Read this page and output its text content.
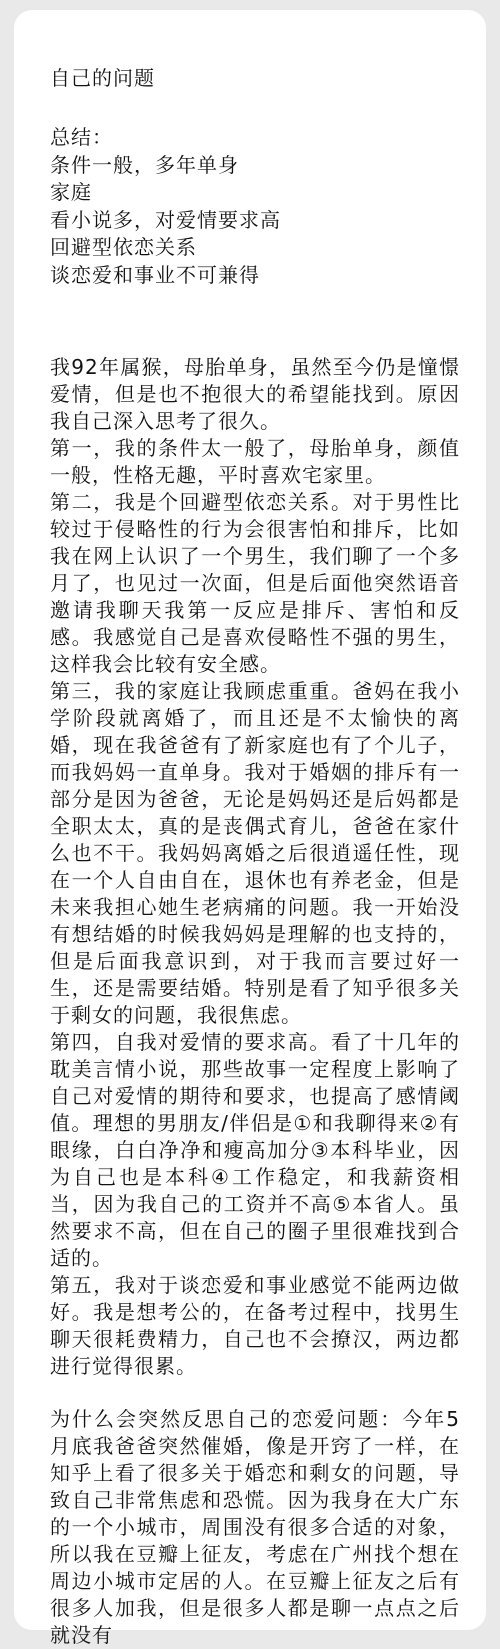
自己的问题
总结：
条件一般，多年单身
家庭
看小说多，对爱情要求高
回避型依恋关系
谈恋爱和事业不可兼得

我92年属猴，母胎单身，虽然至今仍是憧憬爱情，但是也不抱很大的希望能找到。原因我自己深入思考了很久。

第一，我的条件太一般了，母胎单身，颜值一般，性格无趣，平时喜欢宅家里。

第二，我是个回避型依恋关系。对于男性比较过于侵略性的行为会很害怕和排斥，比如我在网上认识了一个男生，我们聊了一个多月了，也见过一次面，但是后面他突然语音邀请我聊天我第一反应是排斥、害怕和反感。我感觉自己是喜欢侵略性不强的男生，这样我会比较有安全感。

第三，我的家庭让我顾虑重重。爸妈在我小学阶段就离婚了，而且还是不太愉快的离婚，现在我爸爸有了新家庭也有了个儿子，而我妈妈一直单身。我对于婚姻的排斥有一部分是因为爸爸，无论是妈妈还是后妈都是全职太太，真的是丧偶式育儿，爸爸在家什么也不干。我妈妈离婚之后很逍遥任性，现在一个人自由自在，退休也有养老金，但是未来我担心她生老病痛的问题。我一开始没有想结婚的时候我妈妈是理解的也支持的，但是后面我意识到，对于我而言要过好一生，还是需要结婚。特别是看了知乎很多关于剩女的问题，我很焦虑。

第四，自我对爱情的要求高。看了十几年的耽美言情小说，那些故事一定程度上影响了自己对爱情的期待和要求，也提高了感情阈值。理想的男朋友/伴侣是①和我聊得来②有眼缘，白白净净和瘦高加分③本科毕业，因为自己也是本科④工作稳定，和我薪资相当，因为我自己的工资并不高⑤本省人。虽然要求不高，但在自己的圈子里很难找到合适的。

第五，我对于谈恋爱和事业感觉不能两边做好。我是想考公的，在备考过程中，找男生聊天很耗费精力，自己也不会撩汉，两边都进行觉得很累。

为什么会突然反思自己的恋爱问题：今年5月底我爸爸突然催婚，像是开窍了一样，在知乎上看了很多关于婚恋和剩女的问题，导致自己非常焦虑和恐慌。因为我身在大广东的一个小城市，周围没有很多合适的对象，所以我在豆瓣上征友，考虑在广州找个想在周边小城市定居的人。在豆瓣上征友之后有很多人加我，但是很多人都是聊一点点之后就没有
